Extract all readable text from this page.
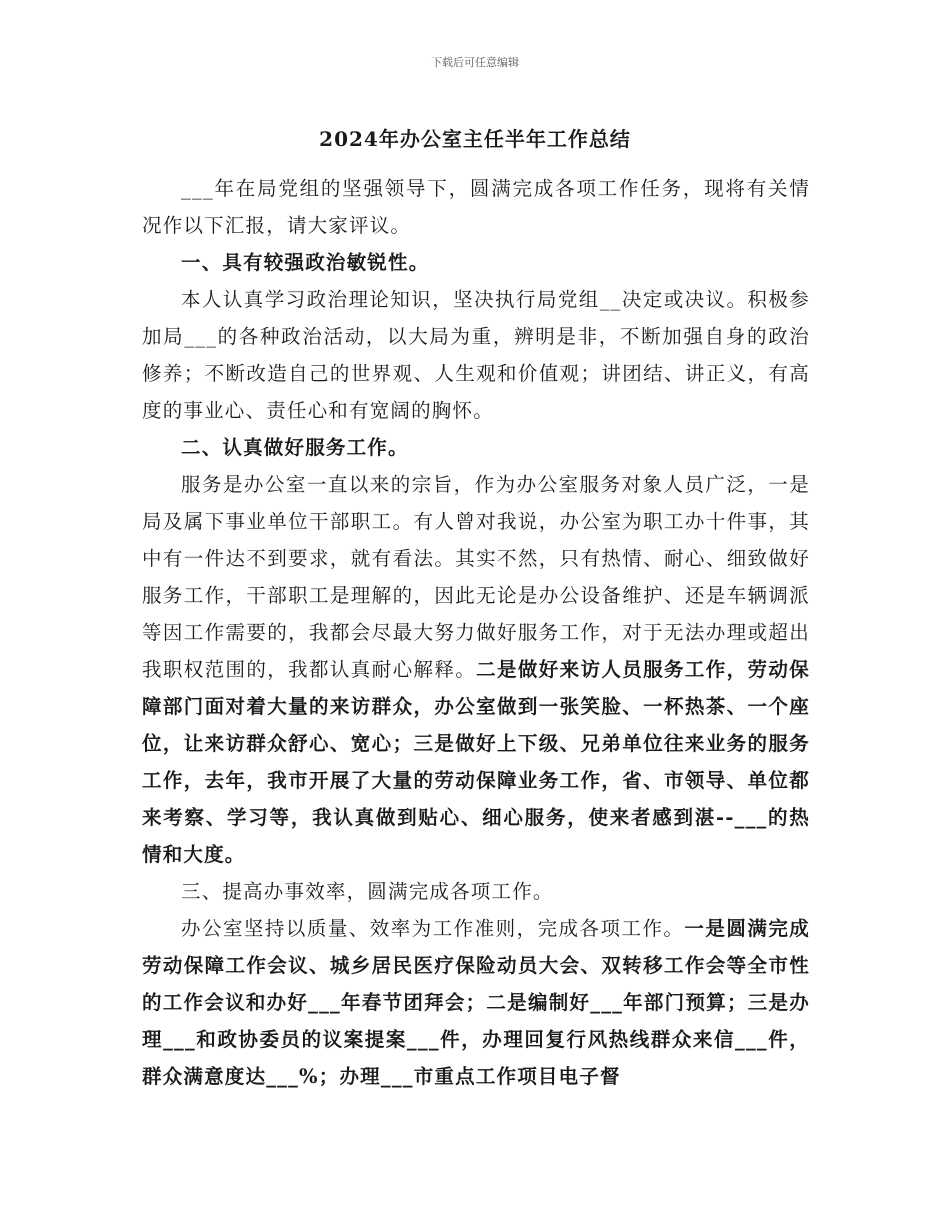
下载后可任意编辑
2024年办公室主任半年工作总结

___年在局党组的坚强领导下，圆满完成各项工作任务，现将有关情况作以下汇报，请大家评议。

一、具有较强政治敏锐性。

本人认真学习政治理论知识，坚决执行局党组__决定或决议。积极参加局___的各种政治活动，以大局为重，辨明是非，不断加强自身的政治修养；不断改造自己的世界观、人生观和价值观；讲团结、讲正义，有高度的事业心、责任心和有宽阔的胸怀。

二、认真做好服务工作。

服务是办公室一直以来的宗旨，作为办公室服务对象人员广泛，一是局及属下事业单位干部职工。有人曾对我说，办公室为职工办十件事，其中有一件达不到要求，就有看法。其实不然，只有热情、耐心、细致做好服务工作，干部职工是理解的，因此无论是办公设备维护、还是车辆调派等因工作需要的，我都会尽最大努力做好服务工作，对于无法办理或超出我职权范围的，我都认真耐心解释。二是做好来访人员服务工作，劳动保障部门面对着大量的来访群众，办公室做到一张笑脸、一杯热茶、一个座位，让来访群众舒心、宽心；三是做好上下级、兄弟单位往来业务的服务工作，去年，我市开展了大量的劳动保障业务工作，省、市领导、单位都来考察、学习等，我认真做到贴心、细心服务，使来者感到湛--___的热情和大度。

三、提高办事效率，圆满完成各项工作。

办公室坚持以质量、效率为工作准则，完成各项工作。一是圆满完成劳动保障工作会议、城乡居民医疗保险动员大会、双转移工作会等全市性的工作会议和办好___年春节团拜会；二是编制好___年部门预算；三是办理___和政协委员的议案提案___件，办理回复行风热线群众来信___件，群众满意度达___%；办理___市重点工作项目电子督
